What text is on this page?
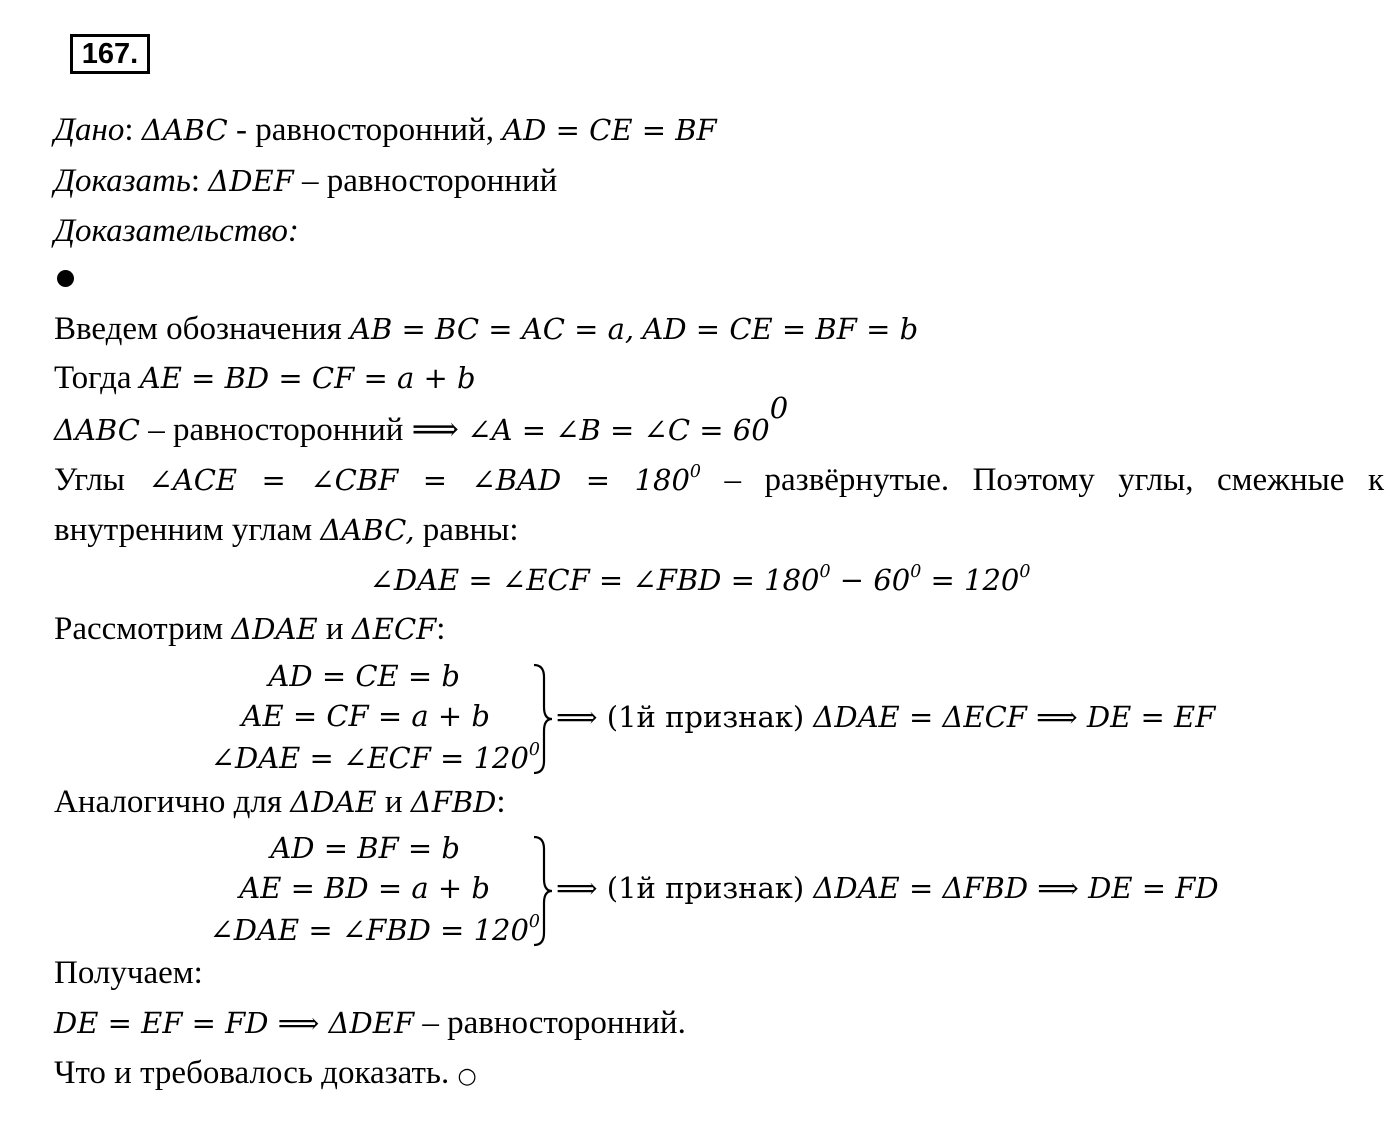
167.
Дано: ΔABC - равносторонний, AD = CE = BF
Доказать: ΔDEF – равносторонний
Доказательство:
Введем обозначения AB = BC = AC = a, AD = CE = BF = b
Тогда AE = BD = CF = a + b
ΔABC – равносторонний ⟹ ∠A = ∠B = ∠C = $60^0$
Углы ∠ACE = ∠CBF = ∠BAD = $180^0$ – развёрнутые. Поэтому углы, смежные к
внутренним углам ΔABC, равны:
∠DAE = ∠ECF = ∠FBD = $180^0 - 60^0 = 120^0$
Рассмотрим ΔDAE и ΔECF:
AD = CE = b
AE = CF = a + b
∠DAE = ∠ECF = $120^0$
⟹ (1й признак) ΔDAE = ΔECF ⟹ DE = EF
Аналогично для ΔDAE и ΔFBD:
AD = BF = b
AE = BD = a + b
∠DAE = ∠FBD = $120^0$
⟹ (1й признак) ΔDAE = ΔFBD ⟹ DE = FD
Получаем:
DE = EF = FD ⟹ ΔDEF – равносторонний.
Что и требовалось доказать. ○
